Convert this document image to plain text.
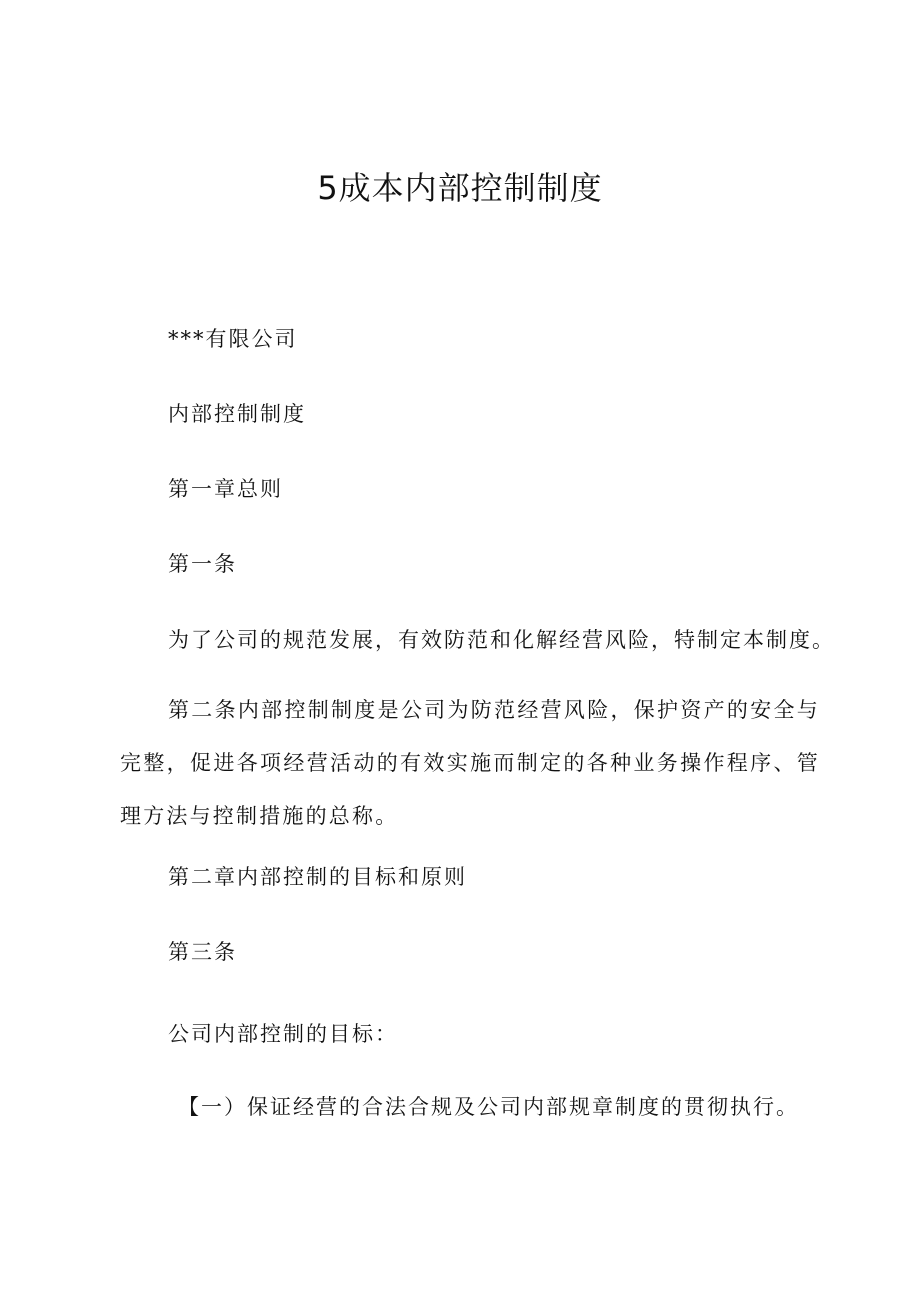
5成本内部控制制度
***有限公司
内部控制制度
第一章总则
第一条
为了公司的规范发展，有效防范和化解经营风险，特制定本制度。
第二条内部控制制度是公司为防范经营风险，保护资产的安全与完整，促进各项经营活动的有效实施而制定的各种业务操作程序、管理方法与控制措施的总称。
第二章内部控制的目标和原则
第三条
公司内部控制的目标：
【一）保证经营的合法合规及公司内部规章制度的贯彻执行。
